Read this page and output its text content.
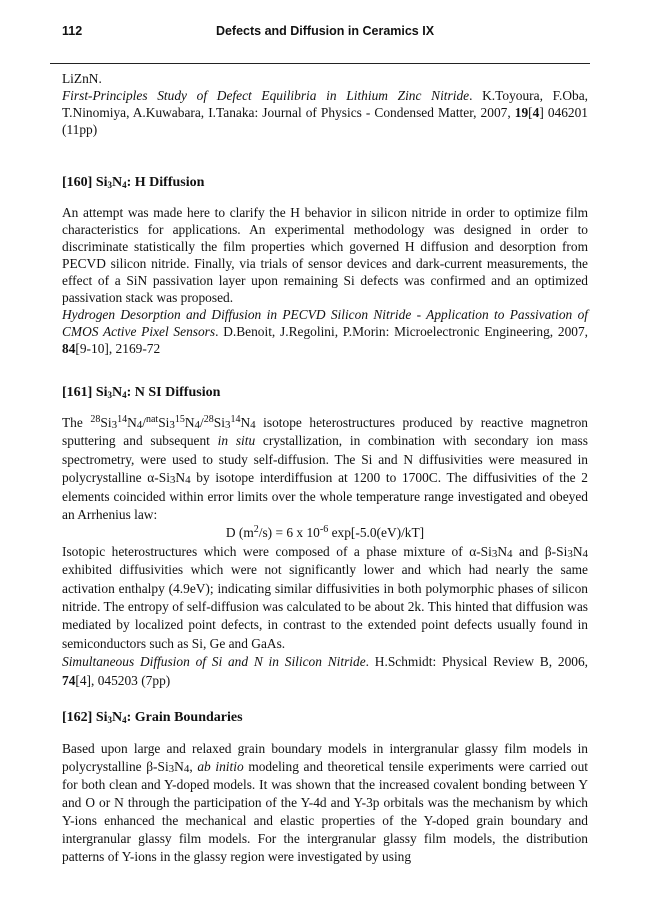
112	Defects and Diffusion in Ceramics IX

LiZnN.

First-Principles Study of Defect Equilibria in Lithium Zinc Nitride. K.Toyoura, F.Oba, T.Ninomiya, A.Kuwabara, I.Tanaka: Journal of Physics - Condensed Matter, 2007, 19[4] 046201 (11pp)

[160] $Si_3N_4$: H Diffusion

An attempt was made here to clarify the H behavior in silicon nitride in order to optimize film characteristics for applications. An experimental methodology was designed in order to discriminate statistically the film properties which governed H diffusion and desorption from PECVD silicon nitride. Finally, via trials of sensor devices and dark-current measurements, the effect of a SiN passivation layer upon remaining Si defects was confirmed and an optimized passivation stack was proposed.

Hydrogen Desorption and Diffusion in PECVD Silicon Nitride - Application to Passivation of CMOS Active Pixel Sensors. D.Benoit, J.Regolini, P.Morin: Microelectronic Engineering, 2007, 84[9-10], 2169-72

[161] $Si_3N_4$: N SI Diffusion

The $^{28}Si3^{14}N4/^{nat}Si3^{15}N4/^{28}Si3^{14}N4$ isotope heterostructures produced by reactive magnetron sputtering and subsequent in situ crystallization, in combination with secondary ion mass spectrometry, were used to study self-diffusion. The Si and N diffusivities were measured in polycrystalline α-Si3N4 by isotope interdiffusion at 1200 to 1700C. The diffusivities of the 2 elements coincided within error limits over the whole temperature range investigated and obeyed an Arrhenius law:

D $(m^2/s) = 6$ x $10^{-6}$ exp[-5.0(eV)/kT]

Isotopic heterostructures which were composed of a phase mixture of α-Si3N4 and β-Si3N4 exhibited diffusivities which were not significantly lower and which had nearly the same activation enthalpy (4.9eV); indicating similar diffusivities in both polymorphic phases of silicon nitride. The entropy of self-diffusion was calculated to be about 2k. This hinted that diffusion was mediated by localized point defects, in contrast to the extended point defects usually found in semiconductors such as Si, Ge and GaAs.

Simultaneous Diffusion of Si and N in Silicon Nitride. H.Schmidt: Physical Review B, 2006, 74[4], 045203 (7pp)

[162] $Si_3N_4$: Grain Boundaries

Based upon large and relaxed grain boundary models in intergranular glassy film models in polycrystalline β-Si3N4, ab initio modeling and theoretical tensile experiments were carried out for both clean and Y-doped models. It was shown that the increased covalent bonding between Y and O or N through the participation of the Y-4d and Y-3p orbitals was the mechanism by which Y-ions enhanced the mechanical and elastic properties of the Y-doped grain boundary and intergranular glassy film models. For the intergranular glassy film models, the distribution patterns of Y-ions in the glassy region were investigated by using
